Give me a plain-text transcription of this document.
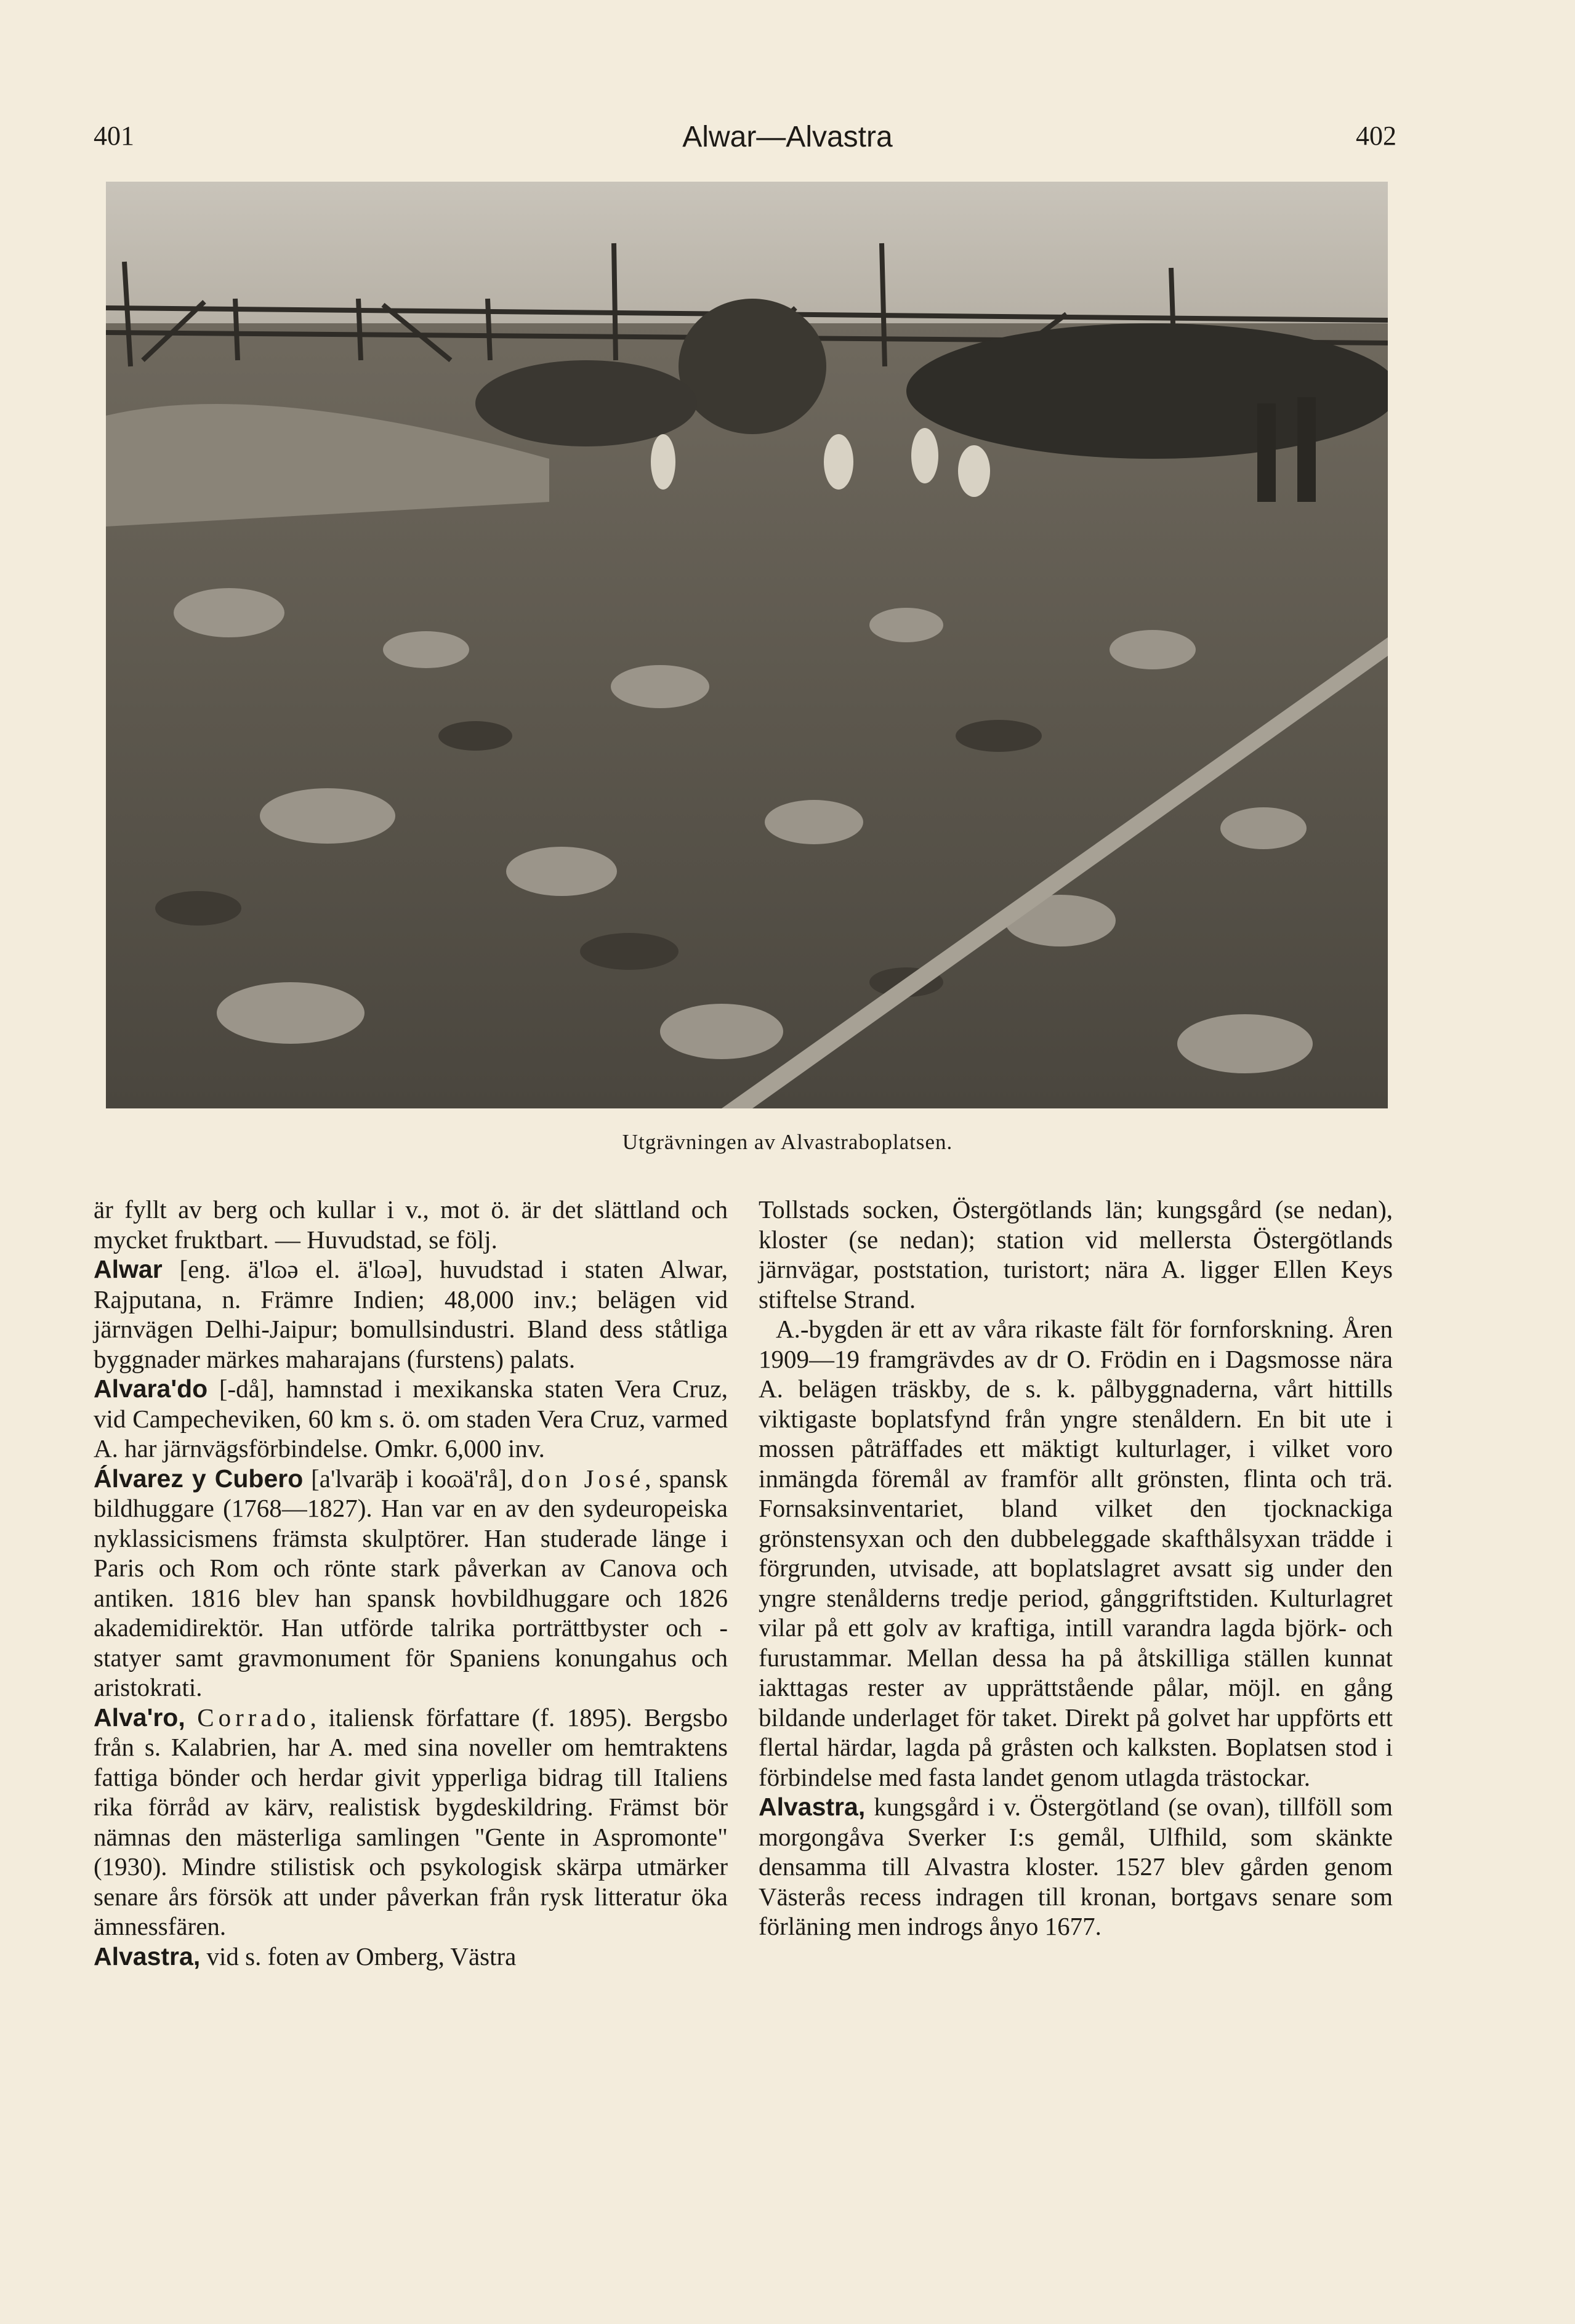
401	Alwar—Alvastra	402
Utgrävningen av Alvastraboplatsen.

är fyllt av berg och kullar i v., mot ö. är det slättland och mycket fruktbart. — Huvudstad, se följ.

Alwar [eng. ä'lɷə el. ä'lɷə], huvudstad i staten Alwar, Rajputana, n. Främre Indien; 48,000 inv.; belägen vid järnvägen Delhi-Jaipur; bomullsindustri. Bland dess ståtliga byggnader märkes maharajans (furstens) palats.

Alvara'do [-då], hamnstad i mexikanska staten Vera Cruz, vid Campecheviken, 60 km s. ö. om staden Vera Cruz, varmed A. har järnvägsförbindelse. Omkr. 6,000 inv.

Álvarez y Cubero [a'lvaräþ i koɷä'rå], don José, spansk bildhuggare (1768—1827). Han var en av den sydeuropeiska nyklassicismens främsta skulptörer. Han studerade länge i Paris och Rom och rönte stark påverkan av Canova och antiken. 1816 blev han spansk hovbildhuggare och 1826 akademidirektör. Han utförde talrika porträttbyster och -statyer samt gravmonument för Spaniens konungahus och aristokrati.

Alva'ro, Corrado, italiensk författare (f. 1895). Bergsbo från s. Kalabrien, har A. med sina noveller om hemtraktens fattiga bönder och herdar givit ypperliga bidrag till Italiens rika förråd av kärv, realistisk bygdeskildring. Främst bör nämnas den mästerliga samlingen "Gente in Aspromonte" (1930). Mindre stilistisk och psykologisk skärpa utmärker senare års försök att under påverkan från rysk litteratur öka ämnessfären.

Alvastra, vid s. foten av Omberg, Västra

Tollstads socken, Östergötlands län; kungsgård (se nedan), kloster (se nedan); station vid mellersta Östergötlands järnvägar, poststation, turistort; nära A. ligger Ellen Keys stiftelse Strand.

A.-bygden är ett av våra rikaste fält för fornforskning. Åren 1909—19 framgrävdes av dr O. Frödin en i Dagsmosse nära A. belägen träskby, de s. k. pålbyggnaderna, vårt hittills viktigaste boplatsfynd från yngre stenåldern. En bit ute i mossen påträffades ett mäktigt kulturlager, i vilket voro inmängda föremål av framför allt grönsten, flinta och trä. Fornsaksinventariet, bland vilket den tjocknackiga grönstensyxan och den dubbeleggade skafthålsyxan trädde i förgrunden, utvisade, att boplatslagret avsatt sig under den yngre stenålderns tredje period, gånggriftstiden. Kulturlagret vilar på ett golv av kraftiga, intill varandra lagda björk- och furustammar. Mellan dessa ha på åtskilliga ställen kunnat iakttagas rester av upprättstående pålar, möjl. en gång bildande underlaget för taket. Direkt på golvet har uppförts ett flertal härdar, lagda på gråsten och kalksten. Boplatsen stod i förbindelse med fasta landet genom utlagda trästockar.

Alvastra, kungsgård i v. Östergötland (se ovan), tillföll som morgongåva Sverker I:s gemål, Ulfhild, som skänkte densamma till Alvastra kloster. 1527 blev gården genom Västerås recess indragen till kronan, bortgavs senare som förläning men indrogs ånyo 1677.
